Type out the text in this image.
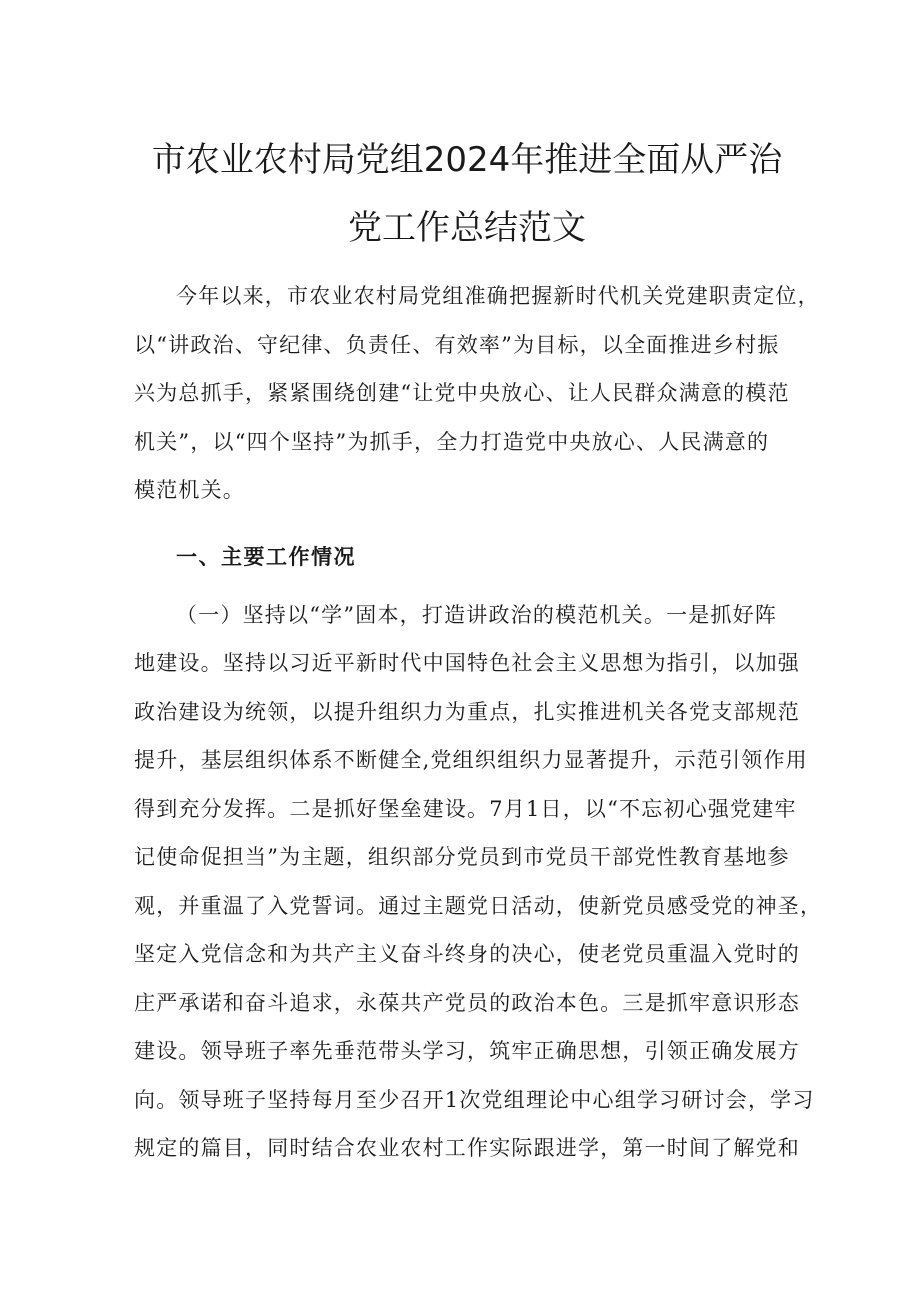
市农业农村局党组2024年推进全面从严治
党工作总结范文

今年以来，市农业农村局党组准确把握新时代机关党建职责定位，
以“讲政治、守纪律、负责任、有效率”为目标，以全面推进乡村振
兴为总抓手，紧紧围绕创建“让党中央放心、让人民群众满意的模范
机关”，以“四个坚持”为抓手，全力打造党中央放心、人民满意的
模范机关。

一、主要工作情况

（一）坚持以“学”固本，打造讲政治的模范机关。一是抓好阵
地建设。坚持以习近平新时代中国特色社会主义思想为指引，以加强
政治建设为统领，以提升组织力为重点，扎实推进机关各党支部规范
提升，基层组织体系不断健全,党组织组织力显著提升，示范引领作用
得到充分发挥。二是抓好堡垒建设。7月1日，以“不忘初心强党建牢
记使命促担当”为主题，组织部分党员到市党员干部党性教育基地参
观，并重温了入党誓词。通过主题党日活动，使新党员感受党的神圣，
坚定入党信念和为共产主义奋斗终身的决心，使老党员重温入党时的
庄严承诺和奋斗追求，永葆共产党员的政治本色。三是抓牢意识形态
建设。领导班子率先垂范带头学习，筑牢正确思想，引领正确发展方
向。领导班子坚持每月至少召开1次党组理论中心组学习研讨会，学习
规定的篇目，同时结合农业农村工作实际跟进学，第一时间了解党和
